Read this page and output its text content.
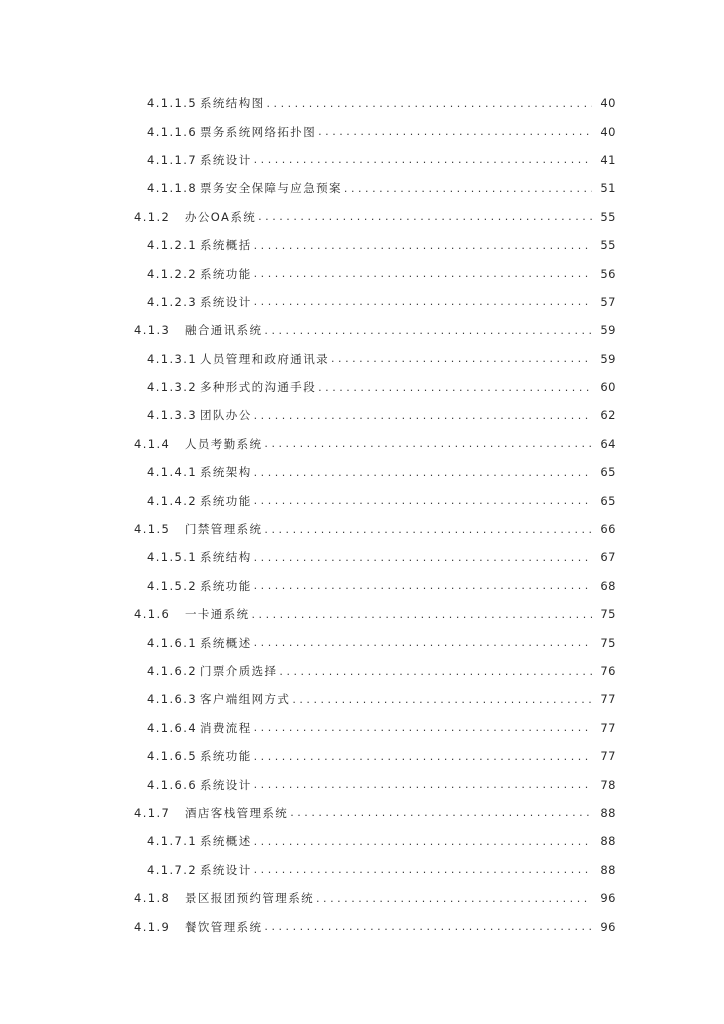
4.1.1.5 系统结构图 .....	40
4.1.1.6 票务系统网络拓扑图 .....	40
4.1.1.7 系统设计 .....	41
4.1.1.8 票务安全保障与应急预案 .....	51
4.1.2	办公OA系统 .....	55
4.1.2.1 系统概括 .....	55
4.1.2.2 系统功能 .....	56
4.1.2.3 系统设计 .....	57
4.1.3	融合通讯系统 .....	59
4.1.3.1 人员管理和政府通讯录 .....	59
4.1.3.2 多种形式的沟通手段 .....	60
4.1.3.3 团队办公 .....	62
4.1.4	人员考勤系统 .....	64
4.1.4.1 系统架构 .....	65
4.1.4.2 系统功能 .....	65
4.1.5	门禁管理系统 .....	66
4.1.5.1 系统结构 .....	67
4.1.5.2 系统功能 .....	68
4.1.6	一卡通系统 .....	75
4.1.6.1 系统概述 .....	75
4.1.6.2 门票介质选择 .....	76
4.1.6.3 客户端组网方式 .....	77
4.1.6.4 消费流程 .....	77
4.1.6.5 系统功能 .....	77
4.1.6.6 系统设计 .....	78
4.1.7	酒店客栈管理系统 .....	88
4.1.7.1 系统概述 .....	88
4.1.7.2 系统设计 .....	88
4.1.8	景区报团预约管理系统 .....	96
4.1.9	餐饮管理系统 .....	96
